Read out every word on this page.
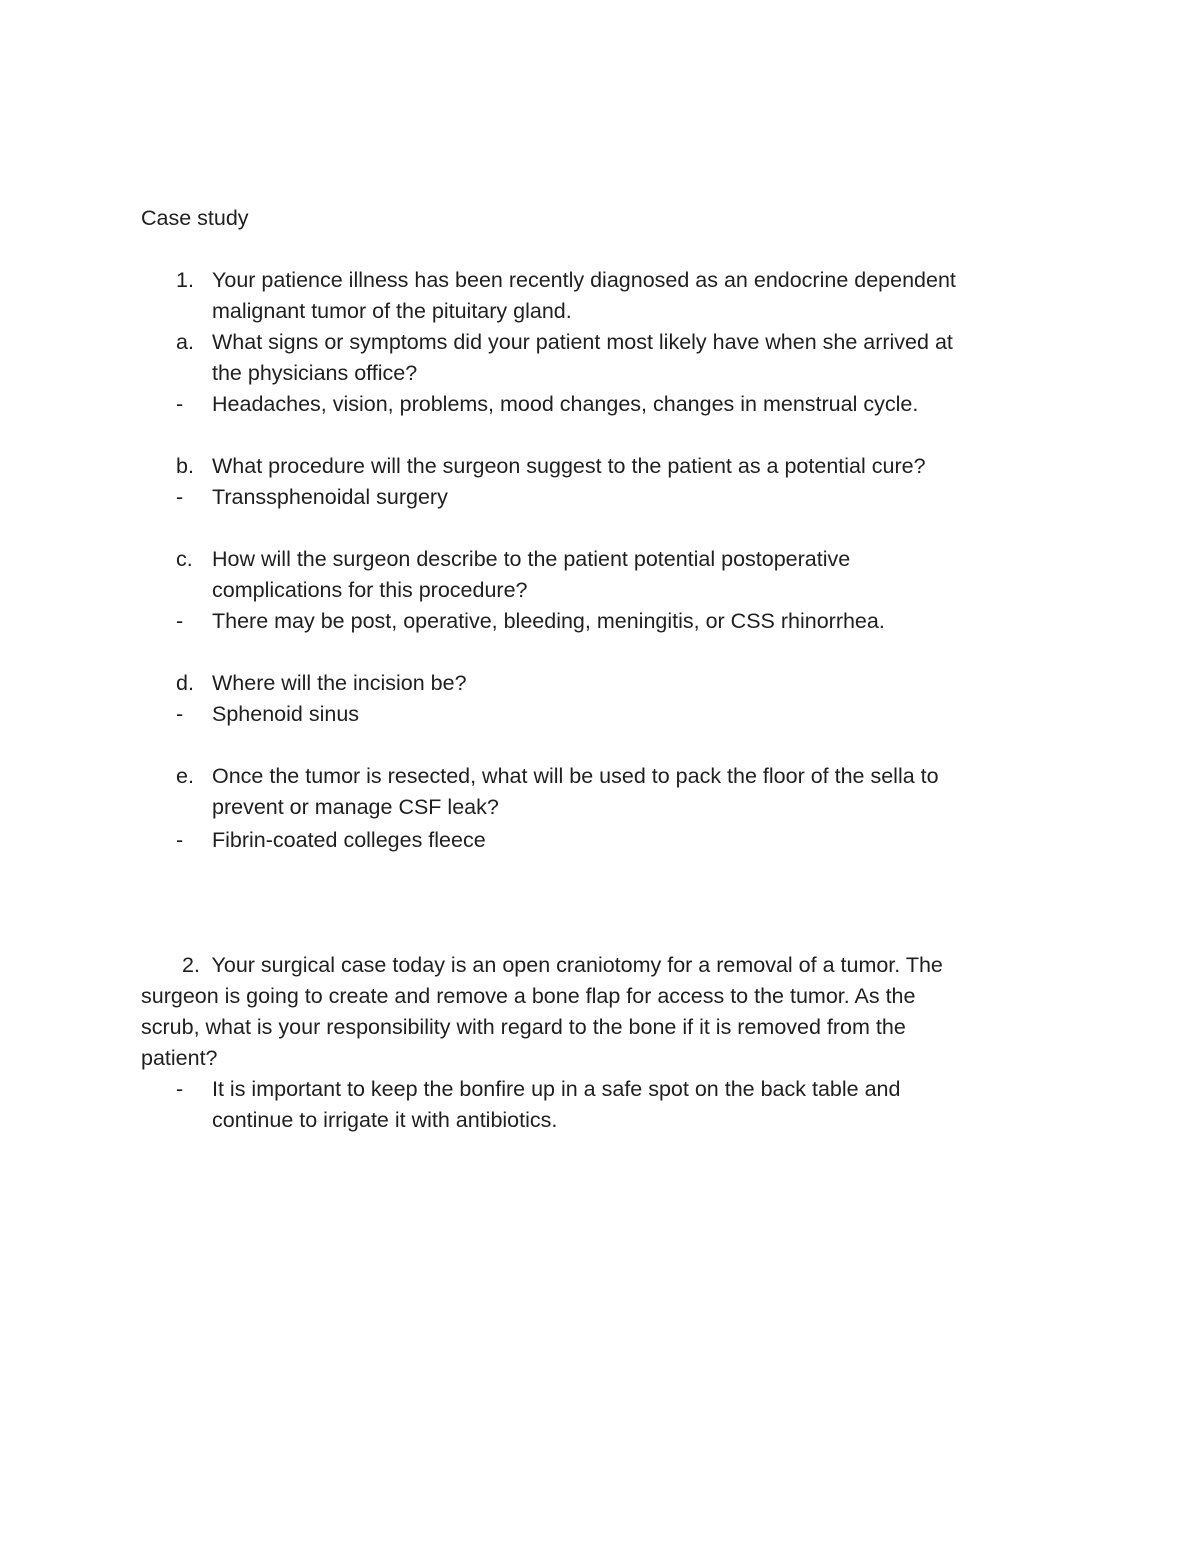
Case study
1. Your patience illness has been recently diagnosed as an endocrine dependent
malignant tumor of the pituitary gland.
a. What signs or symptoms did your patient most likely have when she arrived at
the physicians office?
- Headaches, vision, problems, mood changes, changes in menstrual cycle.
b. What procedure will the surgeon suggest to the patient as a potential cure?
- Transsphenoidal surgery
c. How will the surgeon describe to the patient potential postoperative
complications for this procedure?
- There may be post, operative, bleeding, meningitis, or CSS rhinorrhea.
d. Where will the incision be?
- Sphenoid sinus
e. Once the tumor is resected, what will be used to pack the floor of the sella to
prevent or manage CSF leak?
- Fibrin-coated colleges fleece
2. Your surgical case today is an open craniotomy for a removal of a tumor. The
surgeon is going to create and remove a bone flap for access to the tumor. As the
scrub, what is your responsibility with regard to the bone if it is removed from the
patient?
- It is important to keep the bonfire up in a safe spot on the back table and
continue to irrigate it with antibiotics.
